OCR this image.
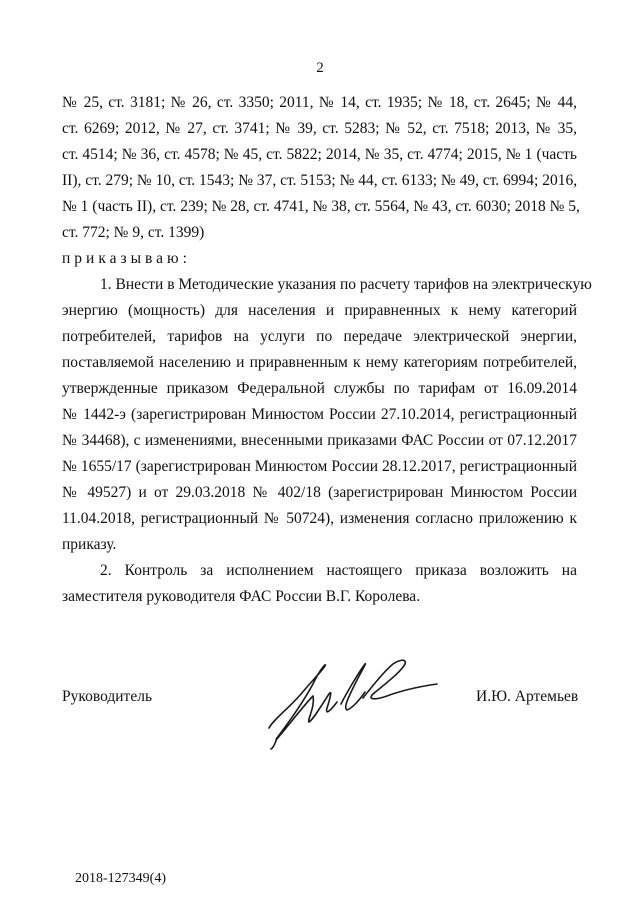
2
№ 25, ст. 3181; № 26, ст. 3350; 2011, № 14, ст. 1935; № 18, ст. 2645; № 44,
ст. 6269; 2012, № 27, ст. 3741; № 39, ст. 5283; № 52, ст. 7518; 2013, № 35,
ст. 4514; № 36, ст. 4578; № 45, ст. 5822; 2014, № 35, ст. 4774; 2015, № 1 (часть
II), ст. 279; № 10, ст. 1543; № 37, ст. 5153; № 44, ст. 6133; № 49, ст. 6994; 2016,
№ 1 (часть II), ст. 239; № 28, ст. 4741, № 38, ст. 5564, № 43, ст. 6030; 2018 № 5,
ст. 772; № 9, ст. 1399)
приказываю:
1. Внести в Методические указания по расчету тарифов на электрическую
энергию (мощность) для населения и приравненных к нему категорий
потребителей, тарифов на услуги по передаче электрической энергии,
поставляемой населению и приравненным к нему категориям потребителей,
утвержденные приказом Федеральной службы по тарифам от 16.09.2014
№ 1442-э (зарегистрирован Минюстом России 27.10.2014, регистрационный
№ 34468), с изменениями, внесенными приказами ФАС России от 07.12.2017
№ 1655/17 (зарегистрирован Минюстом России 28.12.2017, регистрационный
№ 49527) и от 29.03.2018 № 402/18 (зарегистрирован Минюстом России
11.04.2018, регистрационный № 50724), изменения согласно приложению к
приказу.
2. Контроль за исполнением настоящего приказа возложить на
заместителя руководителя ФАС России В.Г. Королева.
Руководитель	И.Ю. Артемьев
2018-127349(4)
